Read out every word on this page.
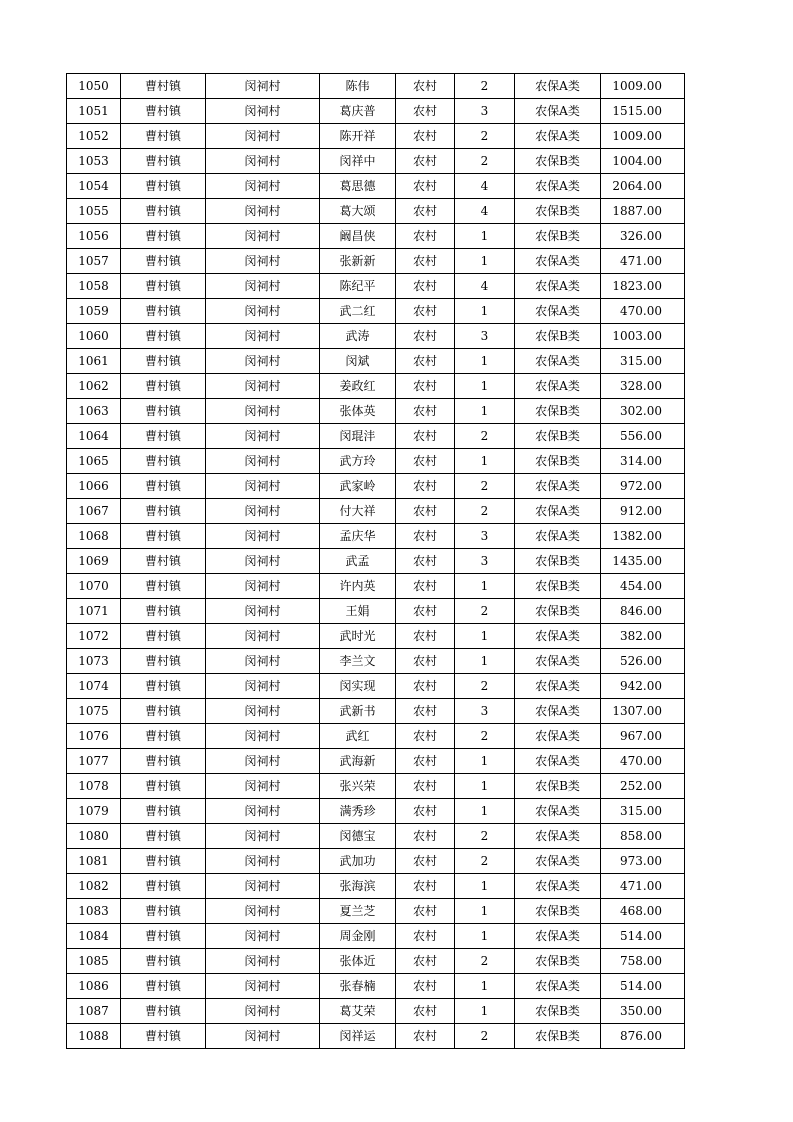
1050	曹村镇	闵祠村	陈伟	农村	2	农保A类	1009.00
1051	曹村镇	闵祠村	葛庆普	农村	3	农保A类	1515.00
1052	曹村镇	闵祠村	陈开祥	农村	2	农保A类	1009.00
1053	曹村镇	闵祠村	闵祥中	农村	2	农保B类	1004.00
1054	曹村镇	闵祠村	葛思德	农村	4	农保A类	2064.00
1055	曹村镇	闵祠村	葛大颂	农村	4	农保B类	1887.00
1056	曹村镇	闵祠村	阚昌侠	农村	1	农保B类	326.00
1057	曹村镇	闵祠村	张新新	农村	1	农保A类	471.00
1058	曹村镇	闵祠村	陈纪平	农村	4	农保A类	1823.00
1059	曹村镇	闵祠村	武二红	农村	1	农保A类	470.00
1060	曹村镇	闵祠村	武涛	农村	3	农保B类	1003.00
1061	曹村镇	闵祠村	闵斌	农村	1	农保A类	315.00
1062	曹村镇	闵祠村	姜政红	农村	1	农保A类	328.00
1063	曹村镇	闵祠村	张体英	农村	1	农保B类	302.00
1064	曹村镇	闵祠村	闵琨沣	农村	2	农保B类	556.00
1065	曹村镇	闵祠村	武方玲	农村	1	农保B类	314.00
1066	曹村镇	闵祠村	武家岭	农村	2	农保A类	972.00
1067	曹村镇	闵祠村	付大祥	农村	2	农保A类	912.00
1068	曹村镇	闵祠村	孟庆华	农村	3	农保A类	1382.00
1069	曹村镇	闵祠村	武孟	农村	3	农保B类	1435.00
1070	曹村镇	闵祠村	许内英	农村	1	农保B类	454.00
1071	曹村镇	闵祠村	王娟	农村	2	农保B类	846.00
1072	曹村镇	闵祠村	武时光	农村	1	农保A类	382.00
1073	曹村镇	闵祠村	李兰文	农村	1	农保A类	526.00
1074	曹村镇	闵祠村	闵实现	农村	2	农保A类	942.00
1075	曹村镇	闵祠村	武新书	农村	3	农保A类	1307.00
1076	曹村镇	闵祠村	武红	农村	2	农保A类	967.00
1077	曹村镇	闵祠村	武海新	农村	1	农保A类	470.00
1078	曹村镇	闵祠村	张兴荣	农村	1	农保B类	252.00
1079	曹村镇	闵祠村	满秀珍	农村	1	农保A类	315.00
1080	曹村镇	闵祠村	闵德宝	农村	2	农保A类	858.00
1081	曹村镇	闵祠村	武加功	农村	2	农保A类	973.00
1082	曹村镇	闵祠村	张海滨	农村	1	农保A类	471.00
1083	曹村镇	闵祠村	夏兰芝	农村	1	农保B类	468.00
1084	曹村镇	闵祠村	周金刚	农村	1	农保A类	514.00
1085	曹村镇	闵祠村	张体近	农村	2	农保B类	758.00
1086	曹村镇	闵祠村	张春楠	农村	1	农保A类	514.00
1087	曹村镇	闵祠村	葛艾荣	农村	1	农保B类	350.00
1088	曹村镇	闵祠村	闵祥运	农村	2	农保B类	876.00
